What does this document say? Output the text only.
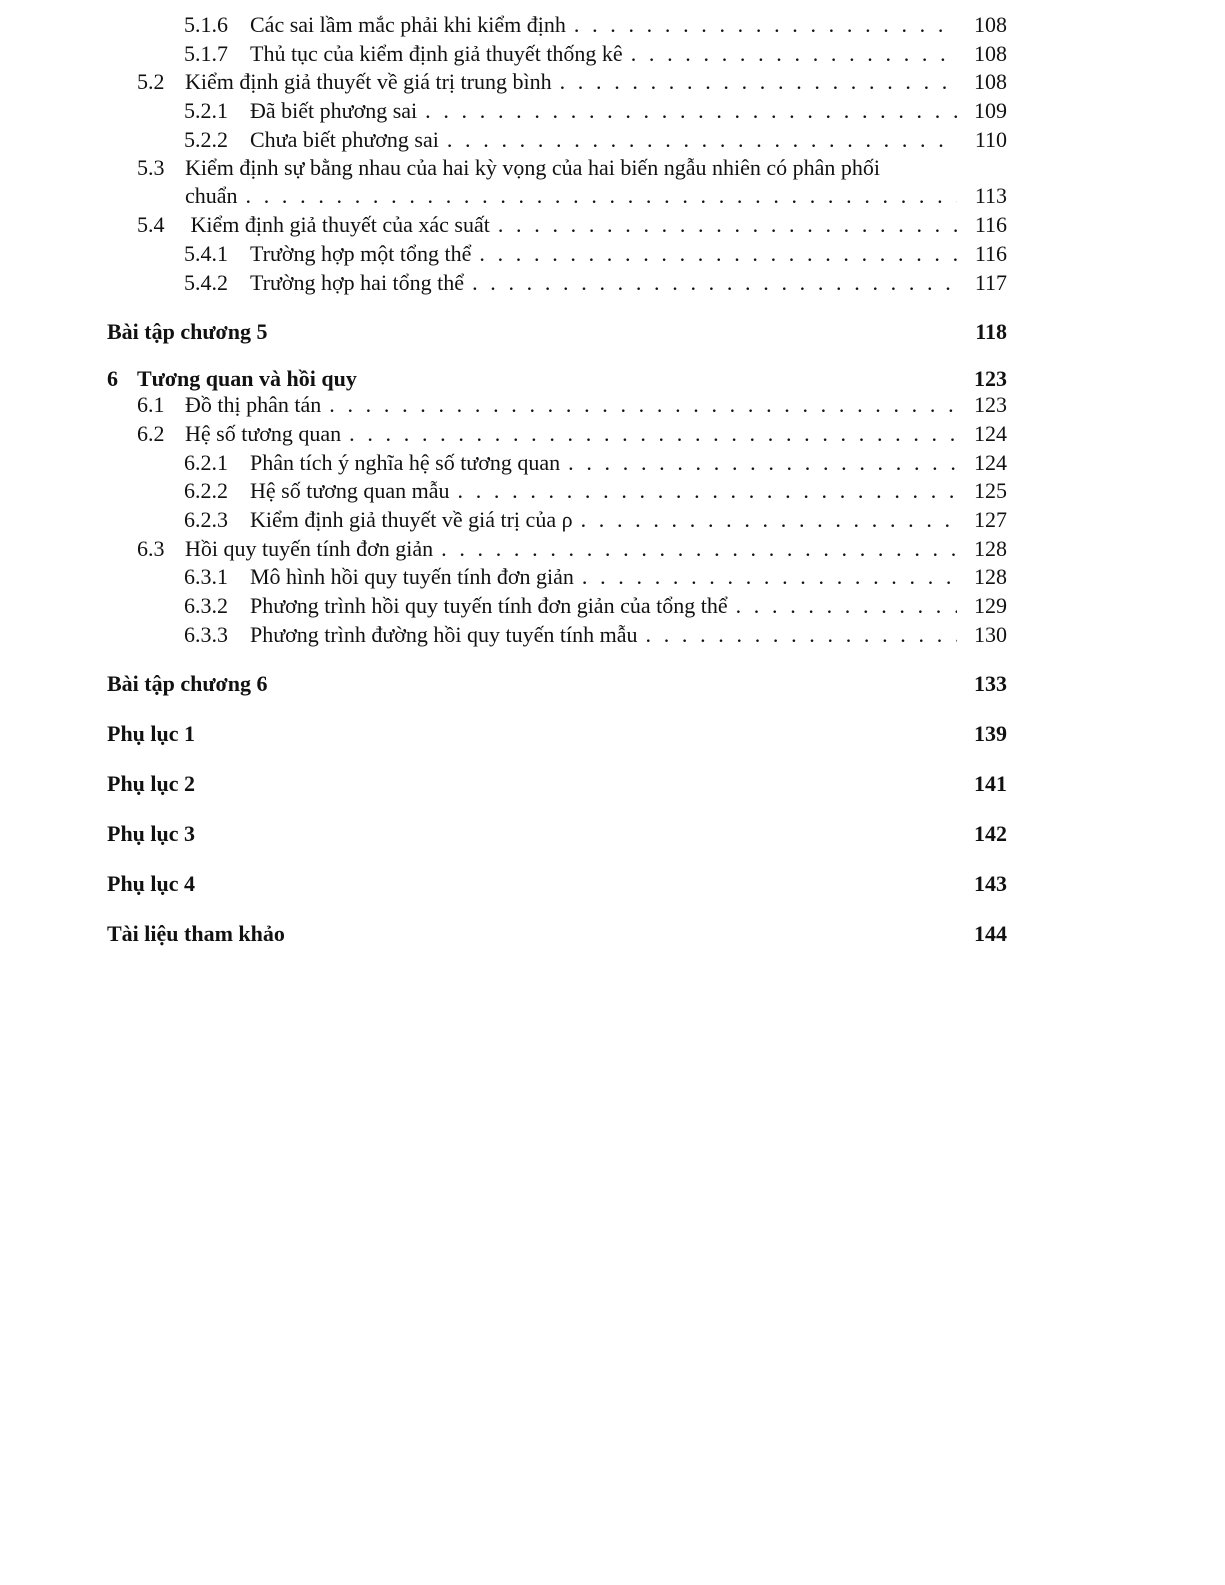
5.1.6	Các sai lầm mắc phải khi kiểm định . . .	108
5.1.7	Thủ tục của kiểm định giả thuyết thống kê . . .	108
5.2 Kiểm định giả thuyết về giá trị trung bình . . .	108
5.2.1	Đã biết phương sai . . .	109
5.2.2	Chưa biết phương sai . . .	110
5.3 Kiểm định sự bằng nhau của hai kỳ vọng của hai biến ngẫu nhiên có phân phối
chuẩn . . .	113
5.4 Kiểm định giả thuyết của xác suất . . .	116
5.4.1	Trường hợp một tổng thể . . .	116
5.4.2	Trường hợp hai tổng thể . . .	117
Bài tập chương 5	118
6 Tương quan và hồi quy	123
6.1 Đồ thị phân tán . . .	123
6.2 Hệ số tương quan . . .	124
6.2.1	Phân tích ý nghĩa hệ số tương quan . . .	124
6.2.2	Hệ số tương quan mẫu . . .	125
6.2.3	Kiểm định giả thuyết về giá trị của ρ . . .	127
6.3 Hồi quy tuyến tính đơn giản . . .	128
6.3.1	Mô hình hồi quy tuyến tính đơn giản . . .	128
6.3.2	Phương trình hồi quy tuyến tính đơn giản của tổng thể . . .	129
6.3.3	Phương trình đường hồi quy tuyến tính mẫu . . .	130
Bài tập chương 6	133
Phụ lục 1	139
Phụ lục 2	141
Phụ lục 3	142
Phụ lục 4	143
Tài liệu tham khảo	144
